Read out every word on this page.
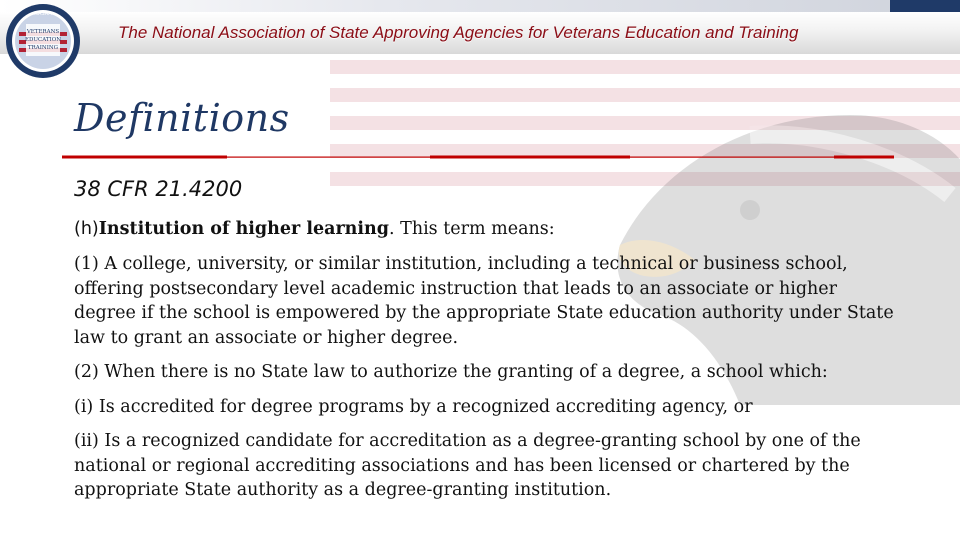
The National Association of State Approving Agencies for Veterans Education and Training
VETERANS
EDUCATION
TRAINING
NASAA
Definitions
38 CFR 21.4200

(h)Institution of higher learning. This term means:

(1) A college, university, or similar institution, including a technical or business school, offering postsecondary level academic instruction that leads to an associate or higher degree if the school is empowered by the appropriate State education authority under State law to grant an associate or higher degree.

(2) When there is no State law to authorize the granting of a degree, a school which:

(i) Is accredited for degree programs by a recognized accrediting agency, or

(ii) Is a recognized candidate for accreditation as a degree-granting school by one of the national or regional accrediting associations and has been licensed or chartered by the appropriate State authority as a degree-granting institution.
